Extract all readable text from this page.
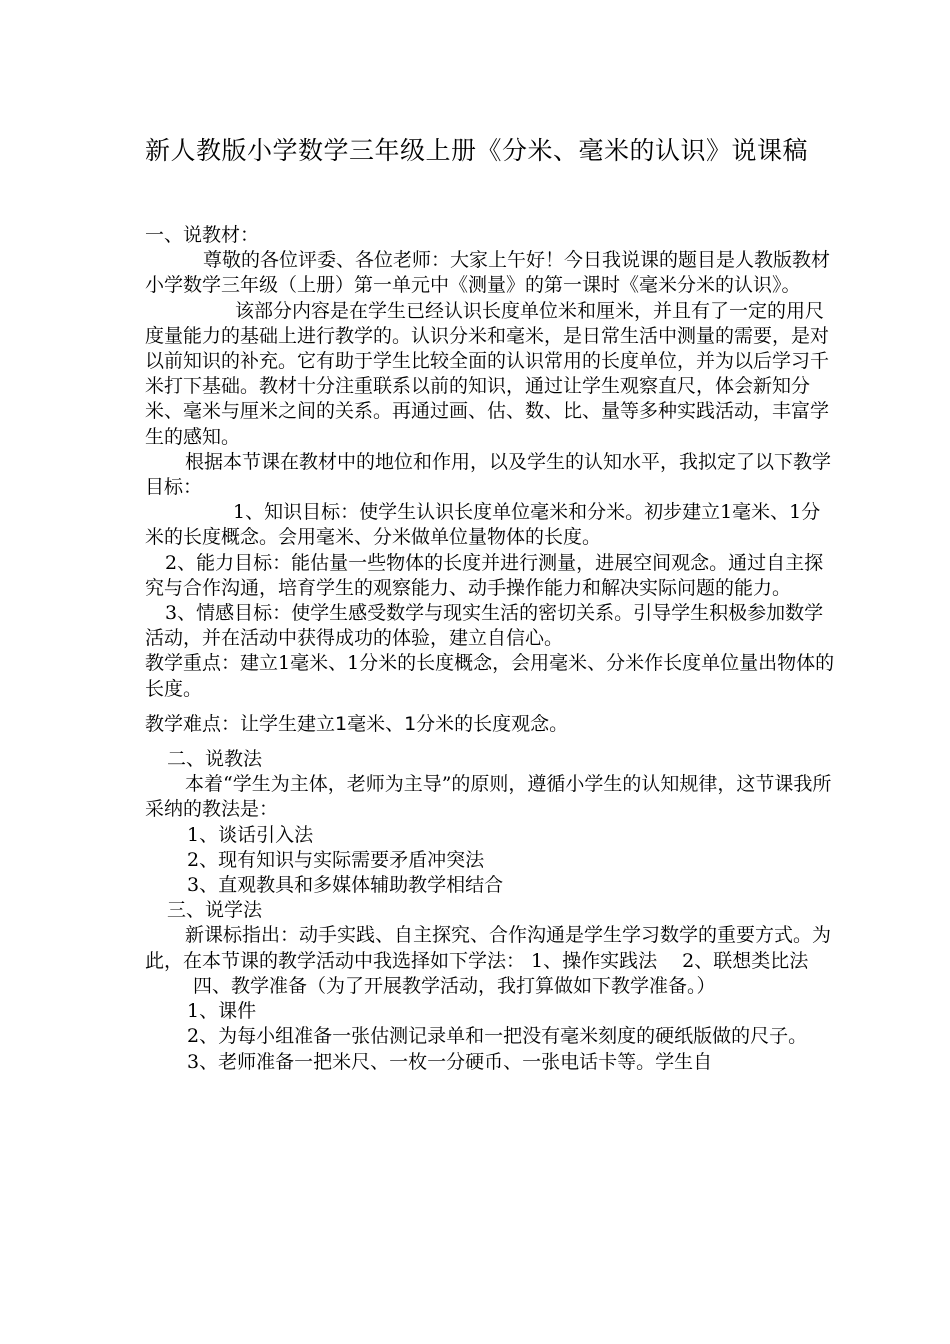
新人教版小学数学三年级上册《分米、毫米的认识》说课稿

一、说教材：

尊敬的各位评委、各位老师：大家上午好！今日我说课的题目是人教版教材小学数学三年级（上册）第一单元中《测量》的第一课时《毫米分米的认识》。

该部分内容是在学生已经认识长度单位米和厘米，并且有了一定的用尺度量能力的基础上进行教学的。认识分米和毫米，是日常生活中测量的需要，是对以前知识的补充。它有助于学生比较全面的认识常用的长度单位，并为以后学习千米打下基础。教材十分注重联系以前的知识，通过让学生观察直尺，体会新知分米、毫米与厘米之间的关系。再通过画、估、数、比、量等多种实践活动，丰富学生的感知。

根据本节课在教材中的地位和作用，以及学生的认知水平，我拟定了以下教学目标：

1、知识目标：使学生认识长度单位毫米和分米。初步建立1毫米、1分米的长度概念。会用毫米、分米做单位量物体的长度。

2、能力目标：能估量一些物体的长度并进行测量，进展空间观念。通过自主探究与合作沟通，培育学生的观察能力、动手操作能力和解决实际问题的能力。

3、情感目标：使学生感受数学与现实生活的密切关系。引导学生积极参加数学活动，并在活动中获得成功的体验，建立自信心。

教学重点：建立1毫米、1分米的长度概念，会用毫米、分米作长度单位量出物体的长度。

教学难点：让学生建立1毫米、1分米的长度观念。

二、说教法

本着“学生为主体，老师为主导”的原则，遵循小学生的认知规律，这节课我所采纳的教法是：

1、谈话引入法

2、现有知识与实际需要矛盾冲突法

3、直观教具和多媒体辅助教学相结合

三、说学法

新课标指出：动手实践、自主探究、合作沟通是学生学习数学的重要方式。为此，在本节课的教学活动中我选择如下学法： 1、操作实践法　 2、联想类比法

四、教学准备（为了开展教学活动，我打算做如下教学准备。）

1、课件

2、为每小组准备一张估测记录单和一把没有毫米刻度的硬纸版做的尺子。

3、老师准备一把米尺、一枚一分硬币、一张电话卡等。学生自
